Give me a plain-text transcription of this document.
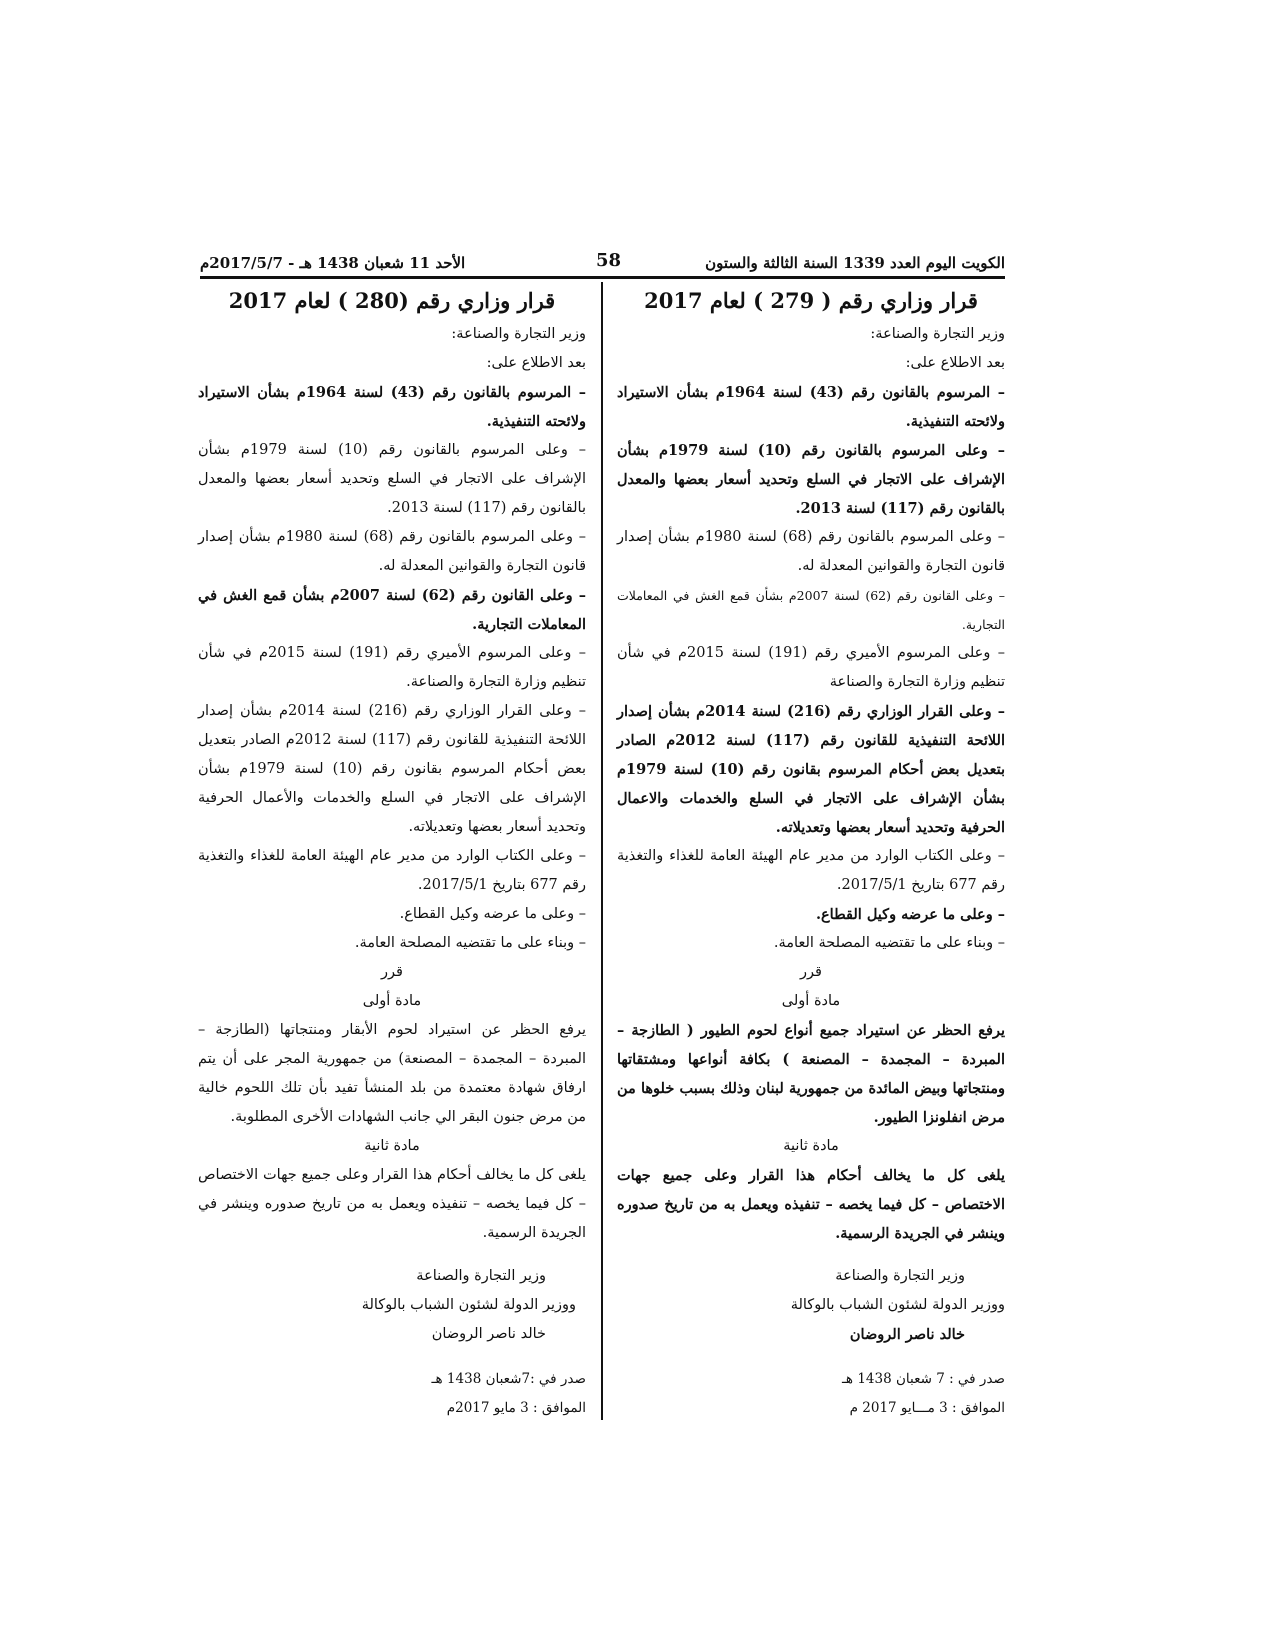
الكويت اليوم العدد 1339 السنة الثالثة والستون
58
الأحد 11 شعبان 1438 هـ - 2017/5/7م

قرار وزاري رقم ( 279 ) لعام 2017

وزير التجارة والصناعة:

بعد الاطلاع على:

– المرسوم بالقانون رقم (43) لسنة 1964م بشأن الاستيراد ولائحته التنفيذية.

– وعلى المرسوم بالقانون رقم (10) لسنة 1979م بشأن الإشراف على الاتجار في السلع وتحديد أسعار بعضها والمعدل بالقانون رقم (117) لسنة 2013.

– وعلى المرسوم بالقانون رقم (68) لسنة 1980م بشأن إصدار قانون التجارة والقوانين المعدلة له.

– وعلى القانون رقم (62) لسنة 2007م بشأن قمع الغش في المعاملات التجارية.

– وعلى المرسوم الأميري رقم (191) لسنة 2015م في شأن تنظيم وزارة التجارة والصناعة

– وعلى القرار الوزاري رقم (216) لسنة 2014م بشأن إصدار اللائحة التنفيذية للقانون رقم (117) لسنة 2012م الصادر بتعديل بعض أحكام المرسوم بقانون رقم (10) لسنة 1979م بشأن الإشراف على الاتجار في السلع والخدمات والاعمال الحرفية وتحديد أسعار بعضها وتعديلاته.

– وعلى الكتاب الوارد من مدير عام الهيئة العامة للغذاء والتغذية رقم 677 بتاريخ 2017/5/1.

– وعلى ما عرضه وكيل القطاع.

– وبناء على ما تقتضيه المصلحة العامة.

قرر

مادة أولى

يرفع الحظر عن استيراد جميع أنواع لحوم الطيور ( الطازجة – المبردة – المجمدة – المصنعة ) بكافة أنواعها ومشتقاتها ومنتجاتها وبيض المائدة من جمهورية لبنان وذلك بسبب خلوها من مرض انفلونزا الطيور.

مادة ثانية

يلغى كل ما يخالف أحكام هذا القرار وعلى جميع جهات الاختصاص – كل فيما يخصه – تنفيذه ويعمل به من تاريخ صدوره وينشر في الجريدة الرسمية.

وزير التجارة والصناعة

ووزير الدولة لشئون الشباب بالوكالة

خالد ناصر الروضان

صدر في : 7 شعبان 1438 هـ

الموافق : 3 مـــايو 2017 م

قرار وزاري رقم (280 ) لعام 2017

وزير التجارة والصناعة:

بعد الاطلاع على:

– المرسوم بالقانون رقم (43) لسنة 1964م بشأن الاستيراد ولائحته التنفيذية.

– وعلى المرسوم بالقانون رقم (10) لسنة 1979م بشأن الإشراف على الاتجار في السلع وتحديد أسعار بعضها والمعدل بالقانون رقم (117) لسنة 2013.

– وعلى المرسوم بالقانون رقم (68) لسنة 1980م بشأن إصدار قانون التجارة والقوانين المعدلة له.

– وعلى القانون رقم (62) لسنة 2007م بشأن قمع الغش في المعاملات التجارية.

– وعلى المرسوم الأميري رقم (191) لسنة 2015م في شأن تنظيم وزارة التجارة والصناعة.

– وعلى القرار الوزاري رقم (216) لسنة 2014م بشأن إصدار اللائحة التنفيذية للقانون رقم (117) لسنة 2012م الصادر بتعديل بعض أحكام المرسوم بقانون رقم (10) لسنة 1979م بشأن الإشراف على الاتجار في السلع والخدمات والأعمال الحرفية وتحديد أسعار بعضها وتعديلاته.

– وعلى الكتاب الوارد من مدير عام الهيئة العامة للغذاء والتغذية رقم 677 بتاريخ 2017/5/1.

– وعلى ما عرضه وكيل القطاع.

– وبناء على ما تقتضيه المصلحة العامة.

قرر

مادة أولى

يرفع الحظر عن استيراد لحوم الأبقار ومنتجاتها (الطازجة – المبردة – المجمدة – المصنعة) من جمهورية المجر على أن يتم ارفاق شهادة معتمدة من بلد المنشأ تفيد بأن تلك اللحوم خالية من مرض جنون البقر الي جانب الشهادات الأخرى المطلوبة.

مادة ثانية

يلغى كل ما يخالف أحكام هذا القرار وعلى جميع جهات الاختصاص – كل فيما يخصه – تنفيذه ويعمل به من تاريخ صدوره وينشر في الجريدة الرسمية.

وزير التجارة والصناعة

ووزير الدولة لشئون الشباب بالوكالة

خالد ناصر الروضان

صدر في :7شعبان 1438 هـ

الموافق : 3 مايو 2017م
